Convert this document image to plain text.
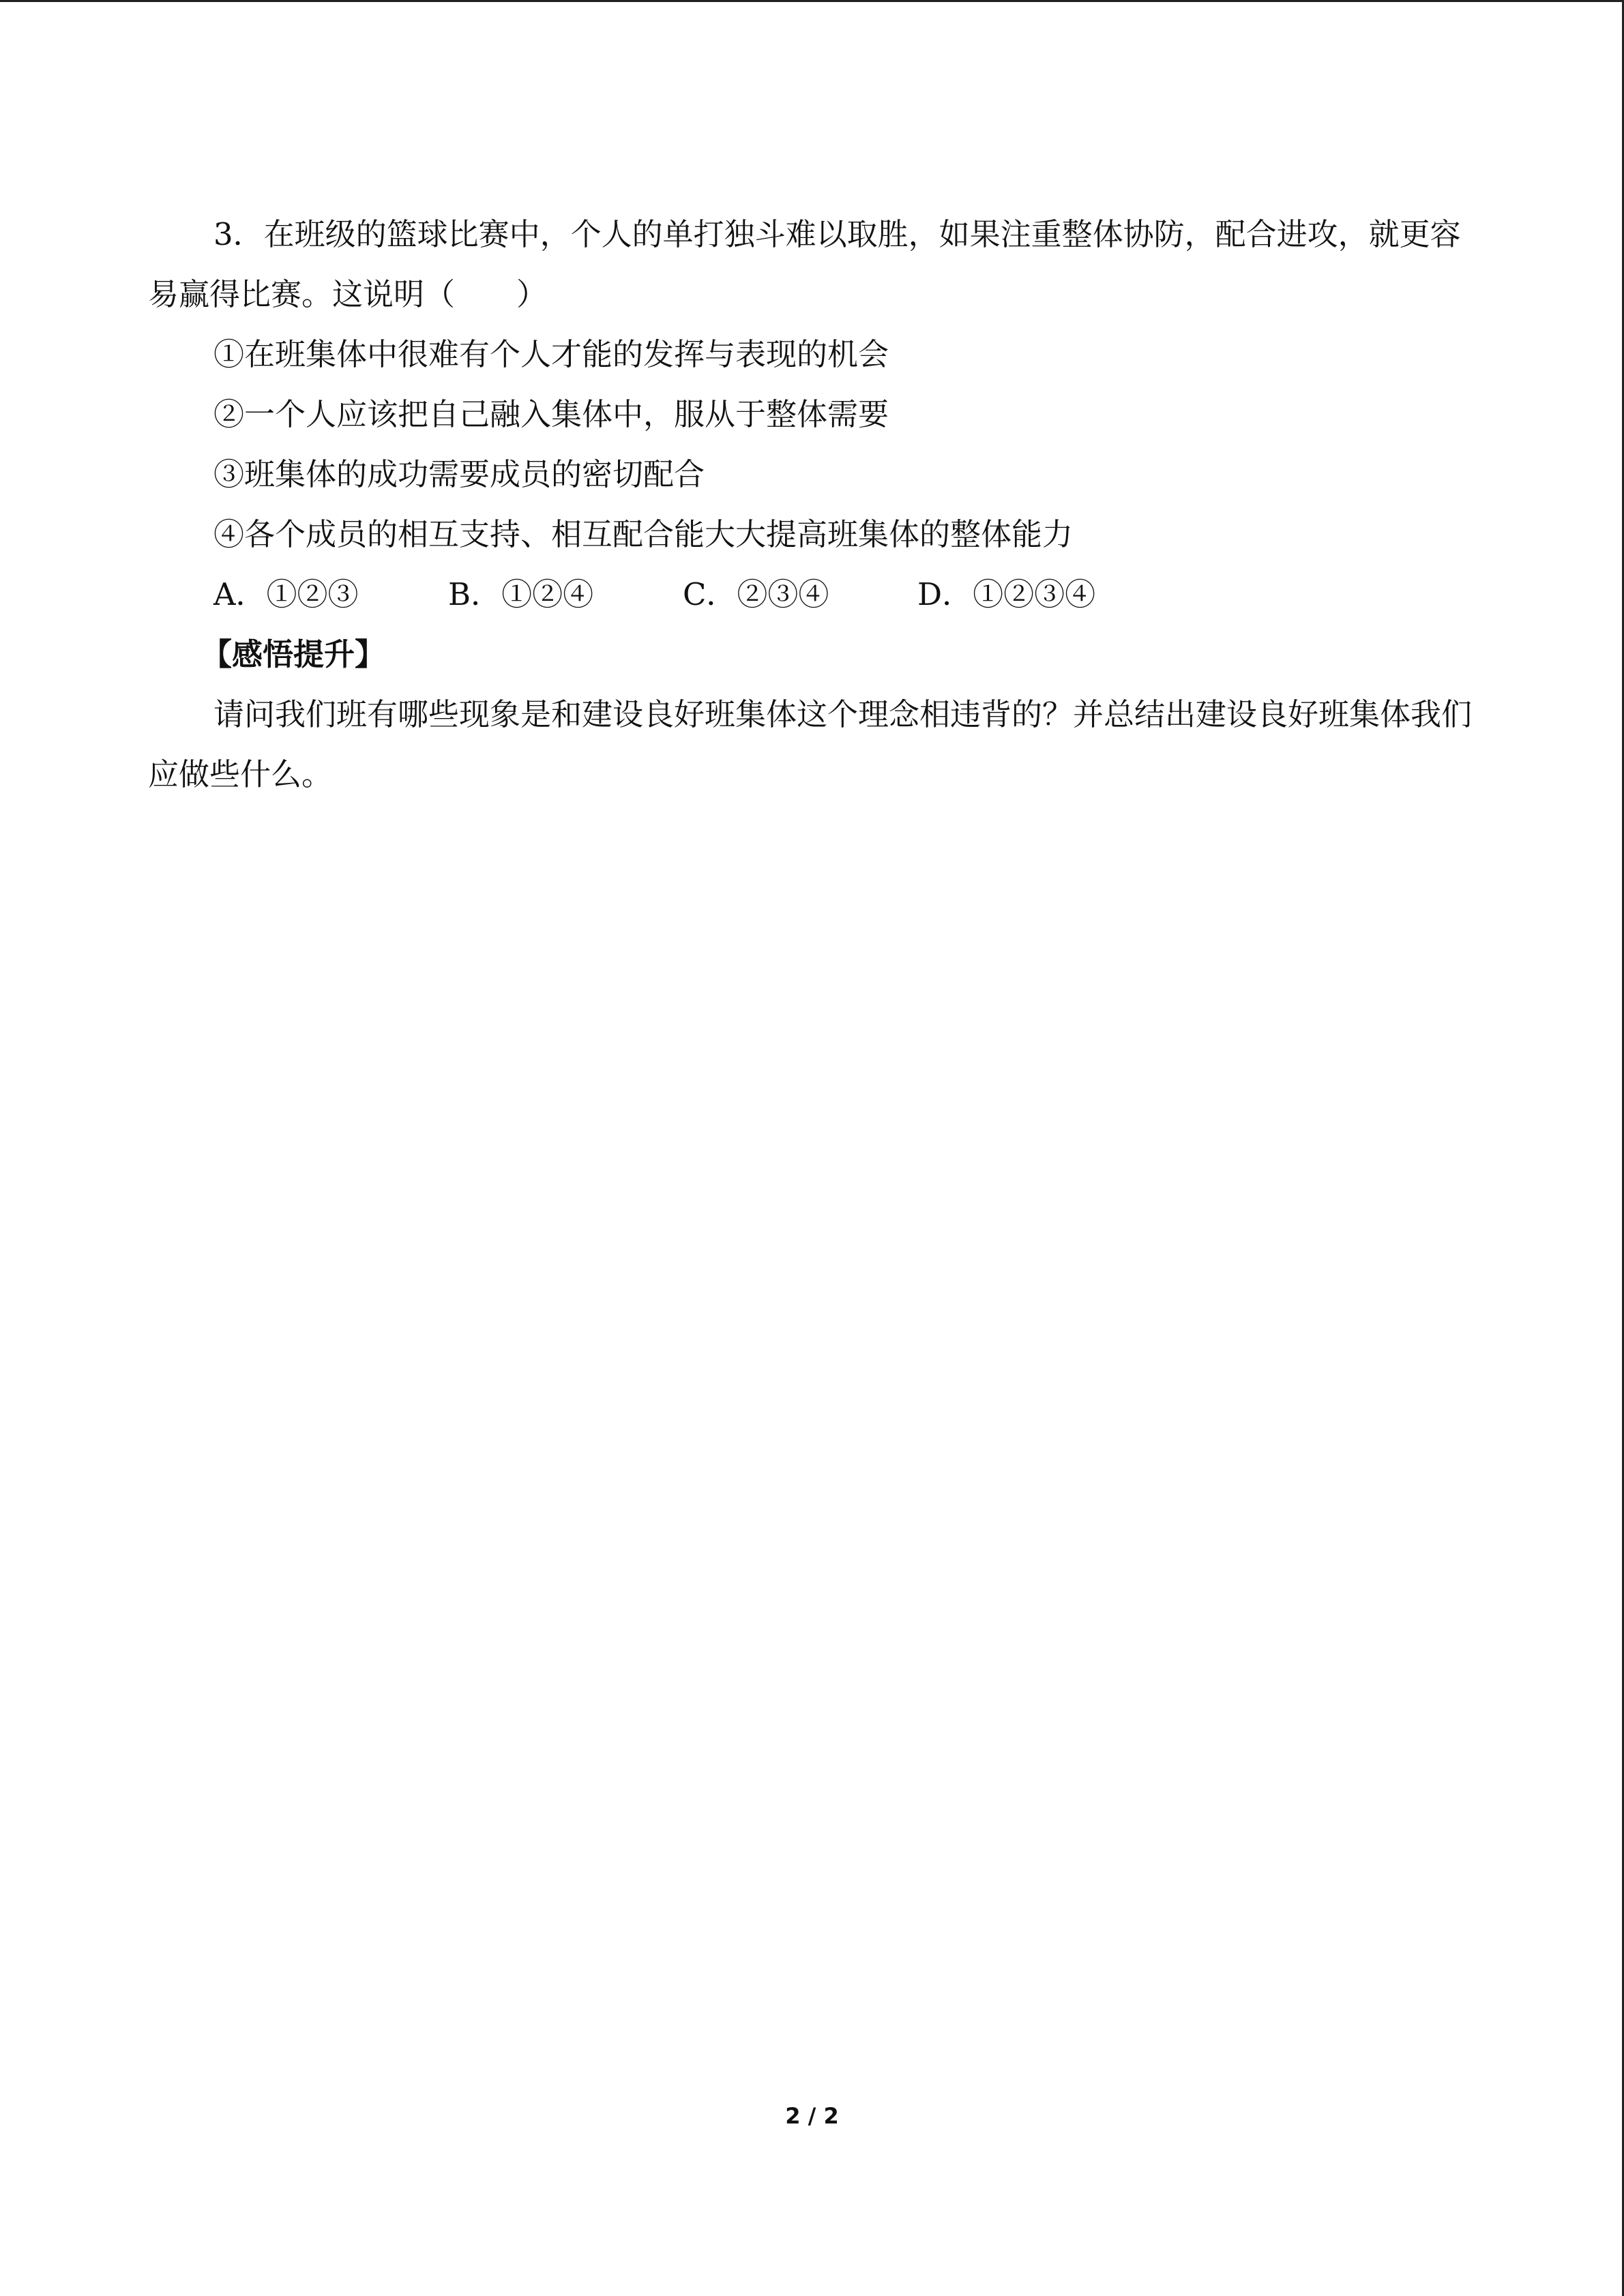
3．在班级的篮球比赛中，个人的单打独斗难以取胜，如果注重整体协防，配合进攻，就更容易赢得比赛。这说明（　　）

①在班集体中很难有个人才能的发挥与表现的机会

②一个人应该把自己融入集体中，服从于整体需要

③班集体的成功需要成员的密切配合

④各个成员的相互支持、相互配合能大大提高班集体的整体能力

A．①②③	B．①②④	C．②③④	D．①②③④

【感悟提升】

请问我们班有哪些现象是和建设良好班集体这个理念相违背的？并总结出建设良好班集体我们应做些什么。

2 / 2
